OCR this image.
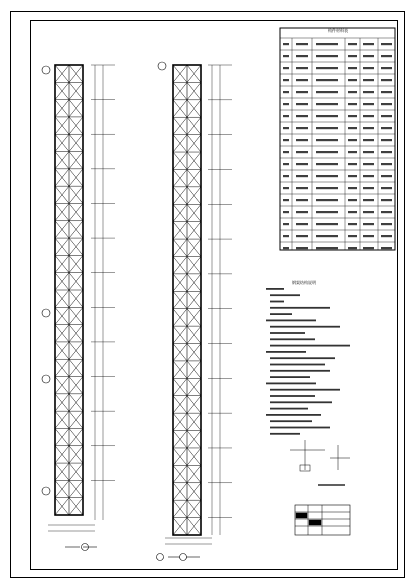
构件材料表
钢架结构说明
